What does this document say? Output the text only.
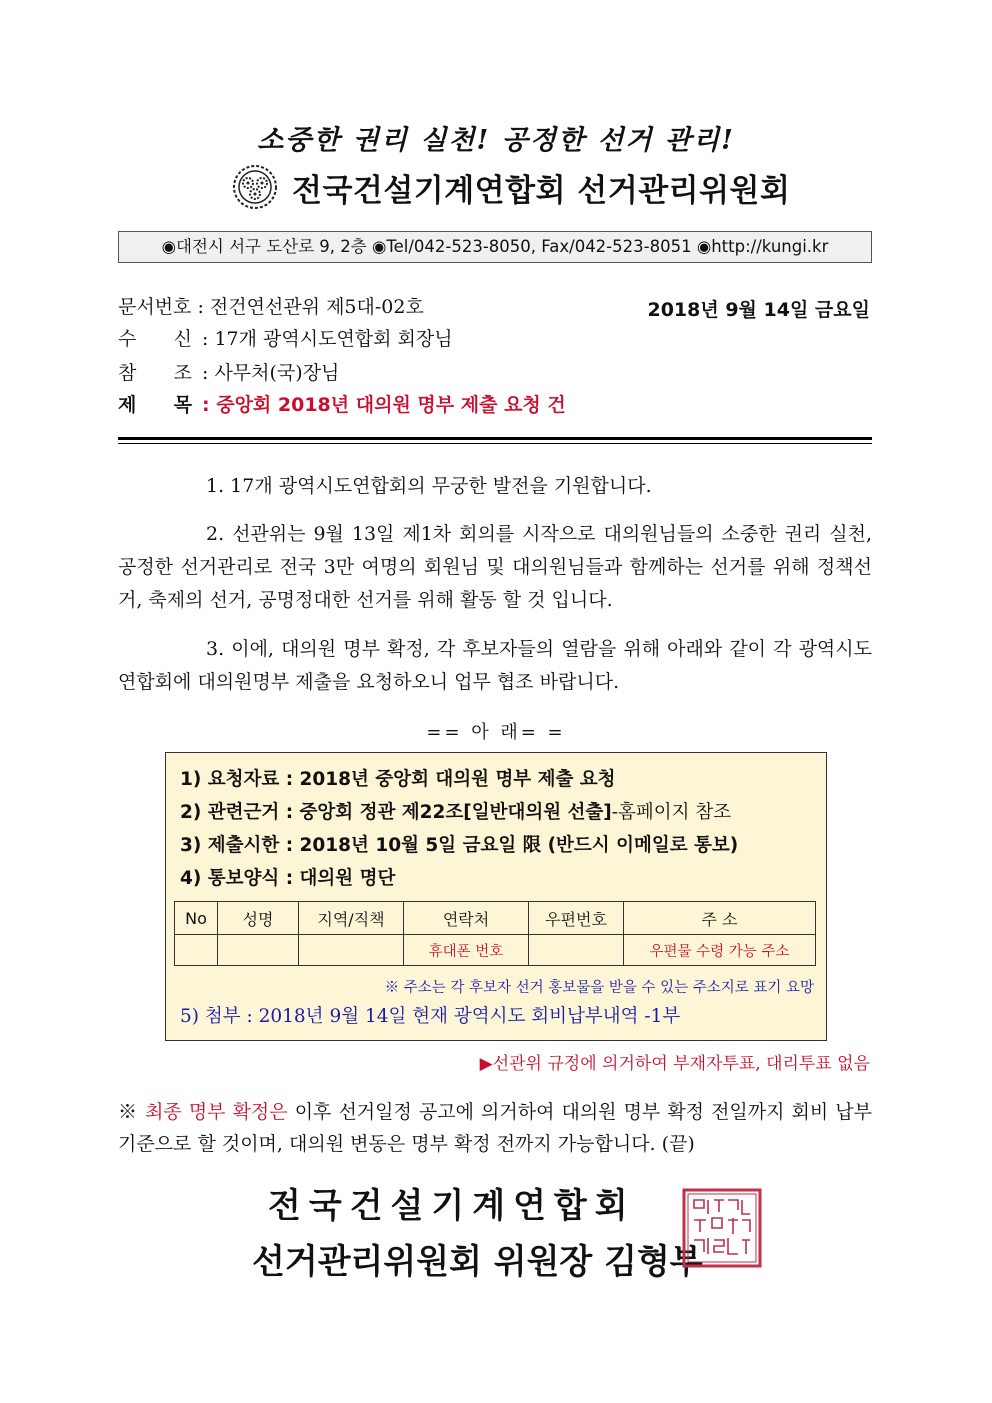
소중한 권리 실천! 공정한 선거 관리!
전국건설기계연합회 선거관리위원회
◉대전시 서구 도산로 9, 2층 ◉Tel/042-523-8050, Fax/042-523-8051 ◉http://kungi.kr
문서번호 : 전건연선관위 제5대-02호	2018년 9월 14일 금요일
수 신 : 17개 광역시도연합회 회장님
참 조 : 사무처(국)장님
제 목 : 중앙회 2018년 대의원 명부 제출 요청 건
1. 17개 광역시도연합회의 무궁한 발전을 기원합니다.
2. 선관위는 9월 13일 제1차 회의를 시작으로 대의원님들의 소중한 권리 실천, 공정한 선거관리로 전국 3만 여명의 회원님 및 대의원님들과 함께하는 선거를 위해 정책선거, 축제의 선거, 공명정대한 선거를 위해 활동 할 것 입니다.
3. 이에, 대의원 명부 확정, 각 후보자들의 열람을 위해 아래와 같이 각 광역시도연합회에 대의원명부 제출을 요청하오니 업무 협조 바랍니다.
== 아 래= =
1) 요청자료 : 2018년 중앙회 대의원 명부 제출 요청
2) 관련근거 : 중앙회 정관 제22조[일반대의원 선출]-홈페이지 참조
3) 제출시한 : 2018년 10월 5일 금요일 限 (반드시 이메일로 통보)
4) 통보양식 : 대의원 명단
No	성명	지역/직책	연락처	우편번호	주 소
			휴대폰 번호		우편물 수령 가능 주소
※ 주소는 각 후보자 선거 홍보물을 받을 수 있는 주소지로 표기 요망
5) 첨부 : 2018년 9월 14일 현재 광역시도 회비납부내역 -1부
▶선관위 규정에 의거하여 부재자투표, 대리투표 없음
※ 최종 명부 확정은 이후 선거일정 공고에 의거하여 대의원 명부 확정 전일까지 회비 납부 기준으로 할 것이며, 대의원 변동은 명부 확정 전까지 가능합니다. (끝)
전국건설기계연합회
선거관리위원회 위원장 김형부
